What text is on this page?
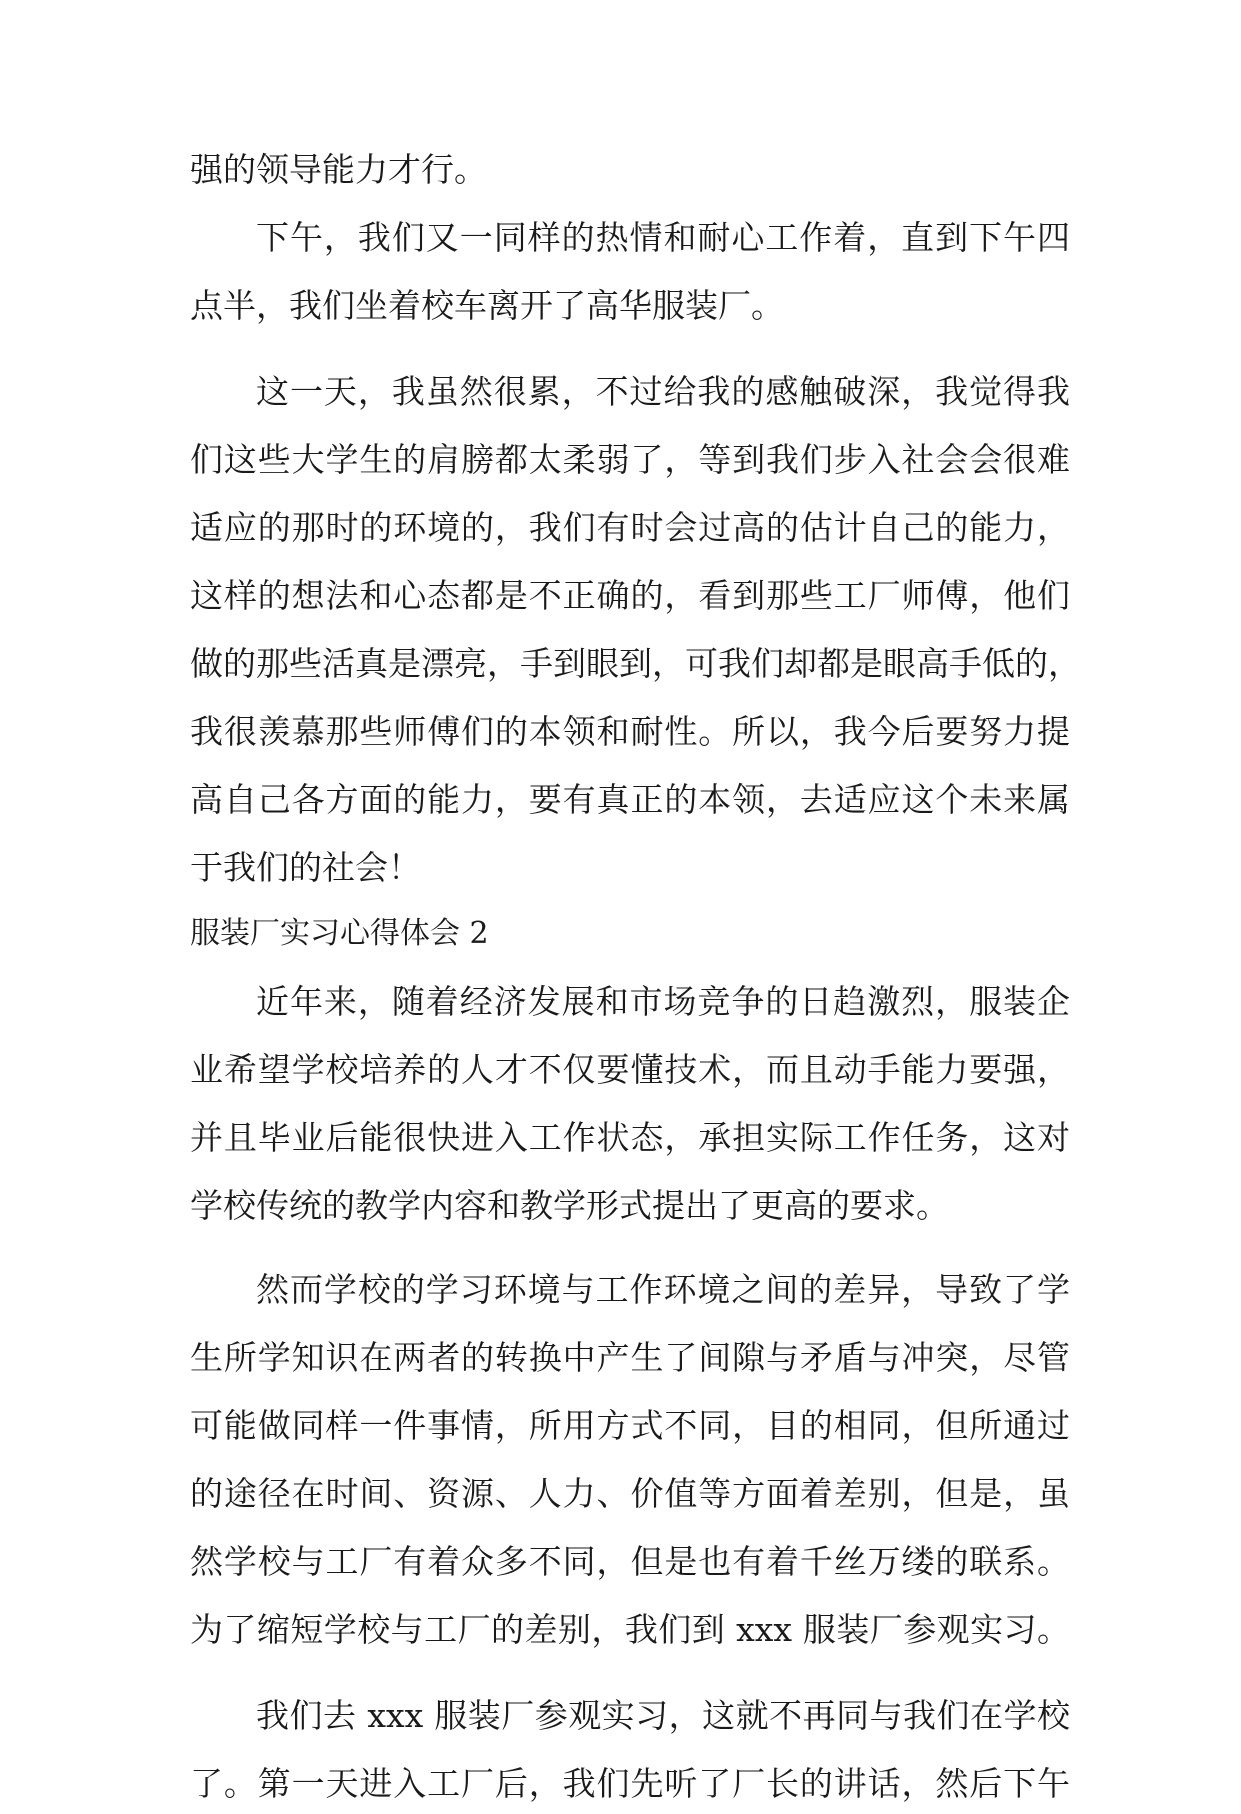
强的领导能力才行。
下午，我们又一同样的热情和耐心工作着，直到下午四
点半，我们坐着校车离开了高华服装厂。
这一天，我虽然很累，不过给我的感触破深，我觉得我
们这些大学生的肩膀都太柔弱了，等到我们步入社会会很难
适应的那时的环境的，我们有时会过高的估计自己的能力，
这样的想法和心态都是不正确的，看到那些工厂师傅，他们
做的那些活真是漂亮，手到眼到，可我们却都是眼高手低的，
我很羡慕那些师傅们的本领和耐性。所以，我今后要努力提
高自己各方面的能力，要有真正的本领，去适应这个未来属
于我们的社会！
服装厂实习心得体会 2
近年来，随着经济发展和市场竞争的日趋激烈，服装企
业希望学校培养的人才不仅要懂技术，而且动手能力要强，
并且毕业后能很快进入工作状态，承担实际工作任务，这对
学校传统的教学内容和教学形式提出了更高的要求。
然而学校的学习环境与工作环境之间的差异，导致了学
生所学知识在两者的转换中产生了间隙与矛盾与冲突，尽管
可能做同样一件事情，所用方式不同，目的相同，但所通过
的途径在时间、资源、人力、价值等方面着差别，但是，虽
然学校与工厂有着众多不同，但是也有着千丝万缕的联系。
为了缩短学校与工厂的差别，我们到 xxx 服装厂参观实习。
我们去 xxx 服装厂参观实习，这就不再同与我们在学校
了。第一天进入工厂后，我们先听了厂长的讲话，然后下午
